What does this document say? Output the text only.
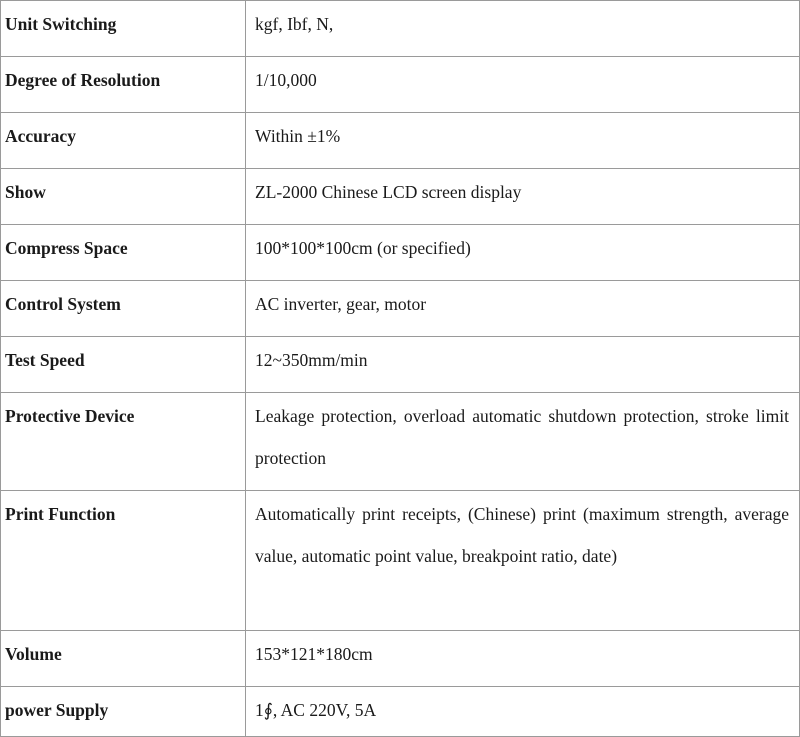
Unit Switching	kgf, Ibf, N,
Degree of Resolution	1/10,000
Accuracy	Within ±1%
Show	ZL-2000 Chinese LCD screen display
Compress Space	100*100*100cm (or specified)
Control System	AC inverter, gear, motor
Test Speed	12~350mm/min
Protective Device	Leakage protection, overload automatic shutdown protection, stroke limit protection
Print Function	Automatically print receipts, (Chinese) print (maximum strength, average value, automatic point value, breakpoint ratio, date)
Volume	153*121*180cm
power Supply	1∮, AC 220V, 5A
